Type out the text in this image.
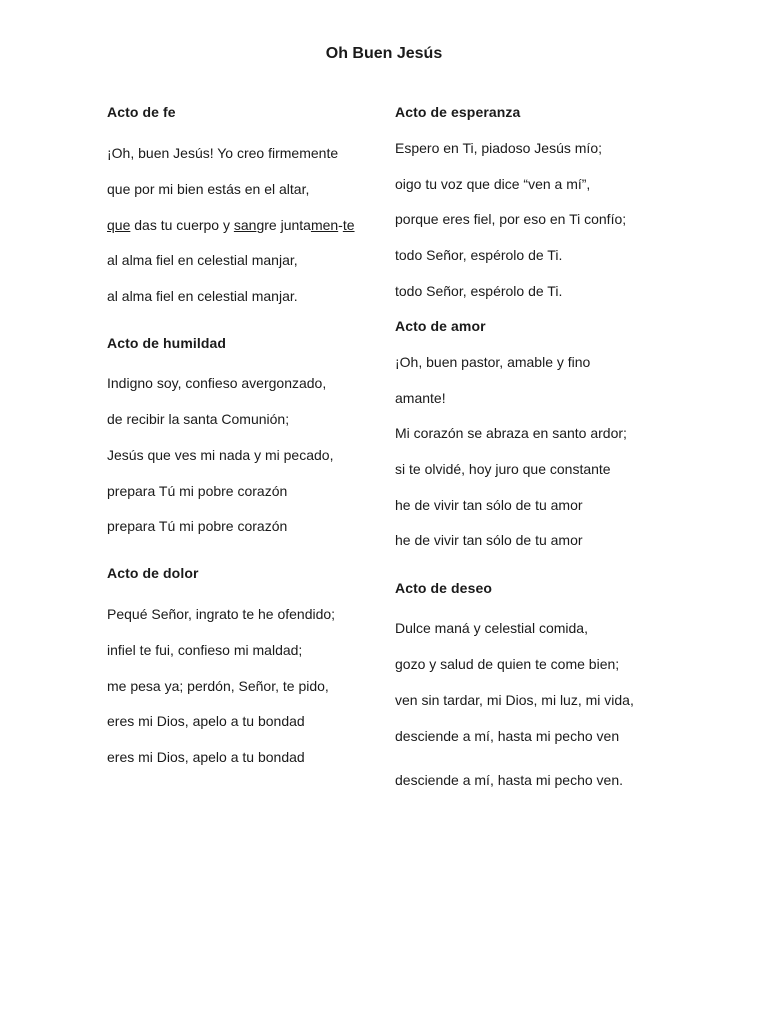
Oh Buen Jesús
Acto de fe
¡Oh, buen Jesús! Yo creo firmemente
que por mi bien estás en el altar,
que das tu cuerpo y sangre juntamen-te
al alma fiel en celestial manjar,
al alma fiel en celestial manjar.
Acto de humildad
Indigno soy, confieso avergonzado,
de recibir la santa Comunión;
Jesús que ves mi nada y mi pecado,
prepara Tú mi pobre corazón
prepara Tú mi pobre corazón
Acto de dolor
Pequé Señor, ingrato te he ofendido;
infiel te fui, confieso mi maldad;
me pesa ya; perdón, Señor, te pido,
eres mi Dios, apelo a tu bondad
eres mi Dios, apelo a tu bondad
Acto de esperanza
Espero en Ti, piadoso Jesús mío;
oigo tu voz que dice “ven a mí”,
porque eres fiel, por eso en Ti confío;
todo Señor, espérolo de Ti.
todo Señor, espérolo de Ti.
Acto de amor
¡Oh, buen pastor, amable y fino
amante!
Mi corazón se abraza en santo ardor;
si te olvidé, hoy juro que constante
he de vivir tan sólo de tu amor
he de vivir tan sólo de tu amor
Acto de deseo
Dulce maná y celestial comida,
gozo y salud de quien te come bien;
ven sin tardar, mi Dios, mi luz, mi vida,
desciende a mí, hasta mi pecho ven
desciende a mí, hasta mi pecho ven.
